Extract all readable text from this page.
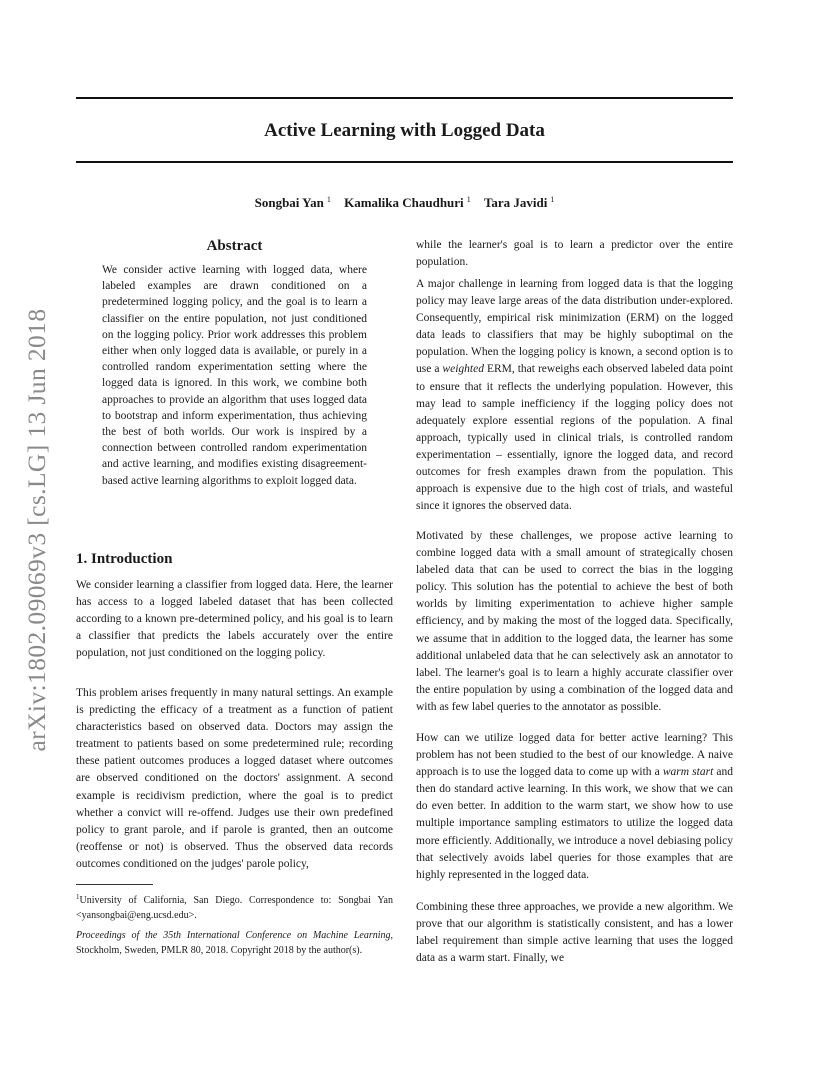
Active Learning with Logged Data
Songbai Yan $^1$ Kamalika Chaudhuri $^1$ Tara Javidi $^1$
arXiv:1802.09069v3 [cs.LG] 13 Jun 2018
Abstract
We consider active learning with logged data, where labeled examples are drawn conditioned on a predetermined logging policy, and the goal is to learn a classifier on the entire population, not just conditioned on the logging policy. Prior work addresses this problem either when only logged data is available, or purely in a controlled random experimentation setting where the logged data is ignored. In this work, we combine both approaches to provide an algorithm that uses logged data to bootstrap and inform experimentation, thus achieving the best of both worlds. Our work is inspired by a connection between controlled random experimentation and active learning, and modifies existing disagreement-based active learning algorithms to exploit logged data.
1. Introduction

We consider learning a classifier from logged data. Here, the learner has access to a logged labeled dataset that has been collected according to a known pre-determined policy, and his goal is to learn a classifier that predicts the labels accurately over the entire population, not just conditioned on the logging policy.

This problem arises frequently in many natural settings. An example is predicting the efficacy of a treatment as a function of patient characteristics based on observed data. Doctors may assign the treatment to patients based on some predetermined rule; recording these patient outcomes produces a logged dataset where outcomes are observed conditioned on the doctors' assignment. A second example is recidivism prediction, where the goal is to predict whether a convict will re-offend. Judges use their own predefined policy to grant parole, and if parole is granted, then an outcome (reoffense or not) is observed. Thus the observed data records outcomes conditioned on the judges' parole policy,

$^1$University of California, San Diego. Correspondence to: Songbai Yan <yansongbai@eng.ucsd.edu>.
Proceedings of the 35th International Conference on Machine Learning, Stockholm, Sweden, PMLR 80, 2018. Copyright 2018 by the author(s).

while the learner's goal is to learn a predictor over the entire population.

A major challenge in learning from logged data is that the logging policy may leave large areas of the data distribution under-explored. Consequently, empirical risk minimization (ERM) on the logged data leads to classifiers that may be highly suboptimal on the population. When the logging policy is known, a second option is to use a weighted ERM, that reweighs each observed labeled data point to ensure that it reflects the underlying population. However, this may lead to sample inefficiency if the logging policy does not adequately explore essential regions of the population. A final approach, typically used in clinical trials, is controlled random experimentation – essentially, ignore the logged data, and record outcomes for fresh examples drawn from the population. This approach is expensive due to the high cost of trials, and wasteful since it ignores the observed data.

Motivated by these challenges, we propose active learning to combine logged data with a small amount of strategically chosen labeled data that can be used to correct the bias in the logging policy. This solution has the potential to achieve the best of both worlds by limiting experimentation to achieve higher sample efficiency, and by making the most of the logged data. Specifically, we assume that in addition to the logged data, the learner has some additional unlabeled data that he can selectively ask an annotator to label. The learner's goal is to learn a highly accurate classifier over the entire population by using a combination of the logged data and with as few label queries to the annotator as possible.

How can we utilize logged data for better active learning? This problem has not been studied to the best of our knowledge. A naive approach is to use the logged data to come up with a warm start and then do standard active learning. In this work, we show that we can do even better. In addition to the warm start, we show how to use multiple importance sampling estimators to utilize the logged data more efficiently. Additionally, we introduce a novel debiasing policy that selectively avoids label queries for those examples that are highly represented in the logged data.

Combining these three approaches, we provide a new algorithm. We prove that our algorithm is statistically consistent, and has a lower label requirement than simple active learning that uses the logged data as a warm start. Finally, we
